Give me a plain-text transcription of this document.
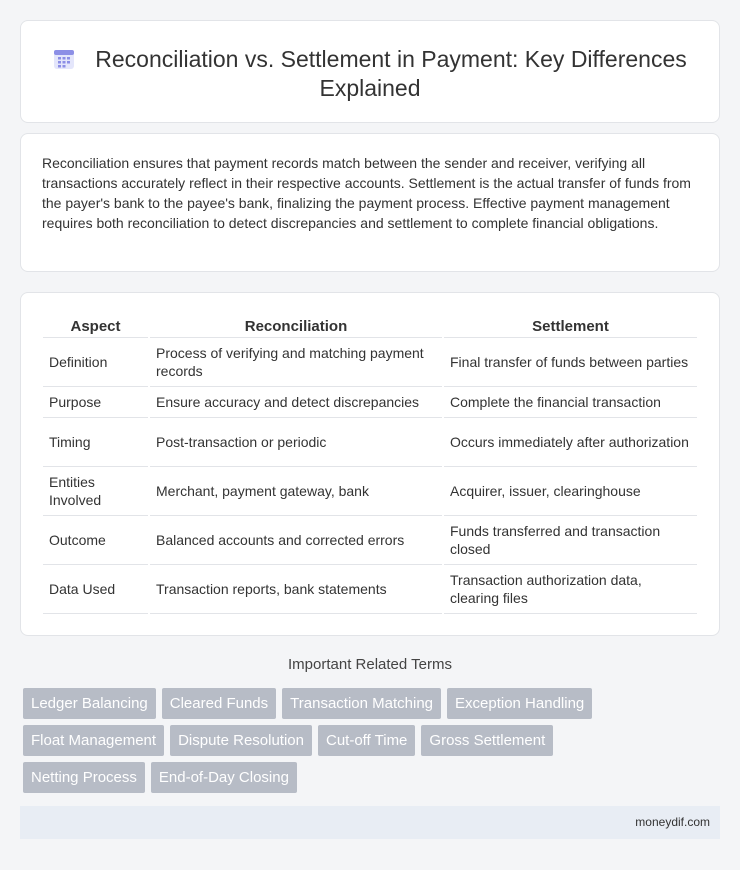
Reconciliation vs. Settlement in Payment: Key Differences Explained

Reconciliation ensures that payment records match between the sender and receiver, verifying all transactions accurately reflect in their respective accounts. Settlement is the actual transfer of funds from the payer's bank to the payee's bank, finalizing the payment process. Effective payment management requires both reconciliation to detect discrepancies and settlement to complete financial obligations.

Aspect	Reconciliation	Settlement
Definition	Process of verifying and matching payment records	Final transfer of funds between parties
Purpose	Ensure accuracy and detect discrepancies	Complete the financial transaction
Timing	Post-transaction or periodic	Occurs immediately after authorization
Entities Involved	Merchant, payment gateway, bank	Acquirer, issuer, clearinghouse
Outcome	Balanced accounts and corrected errors	Funds transferred and transaction closed
Data Used	Transaction reports, bank statements	Transaction authorization data, clearing files
Important Related Terms
Ledger Balancing	Cleared Funds	Transaction Matching	Exception Handling
Float Management	Dispute Resolution	Cut-off Time	Gross Settlement
Netting Process	End-of-Day Closing
moneydif.com
